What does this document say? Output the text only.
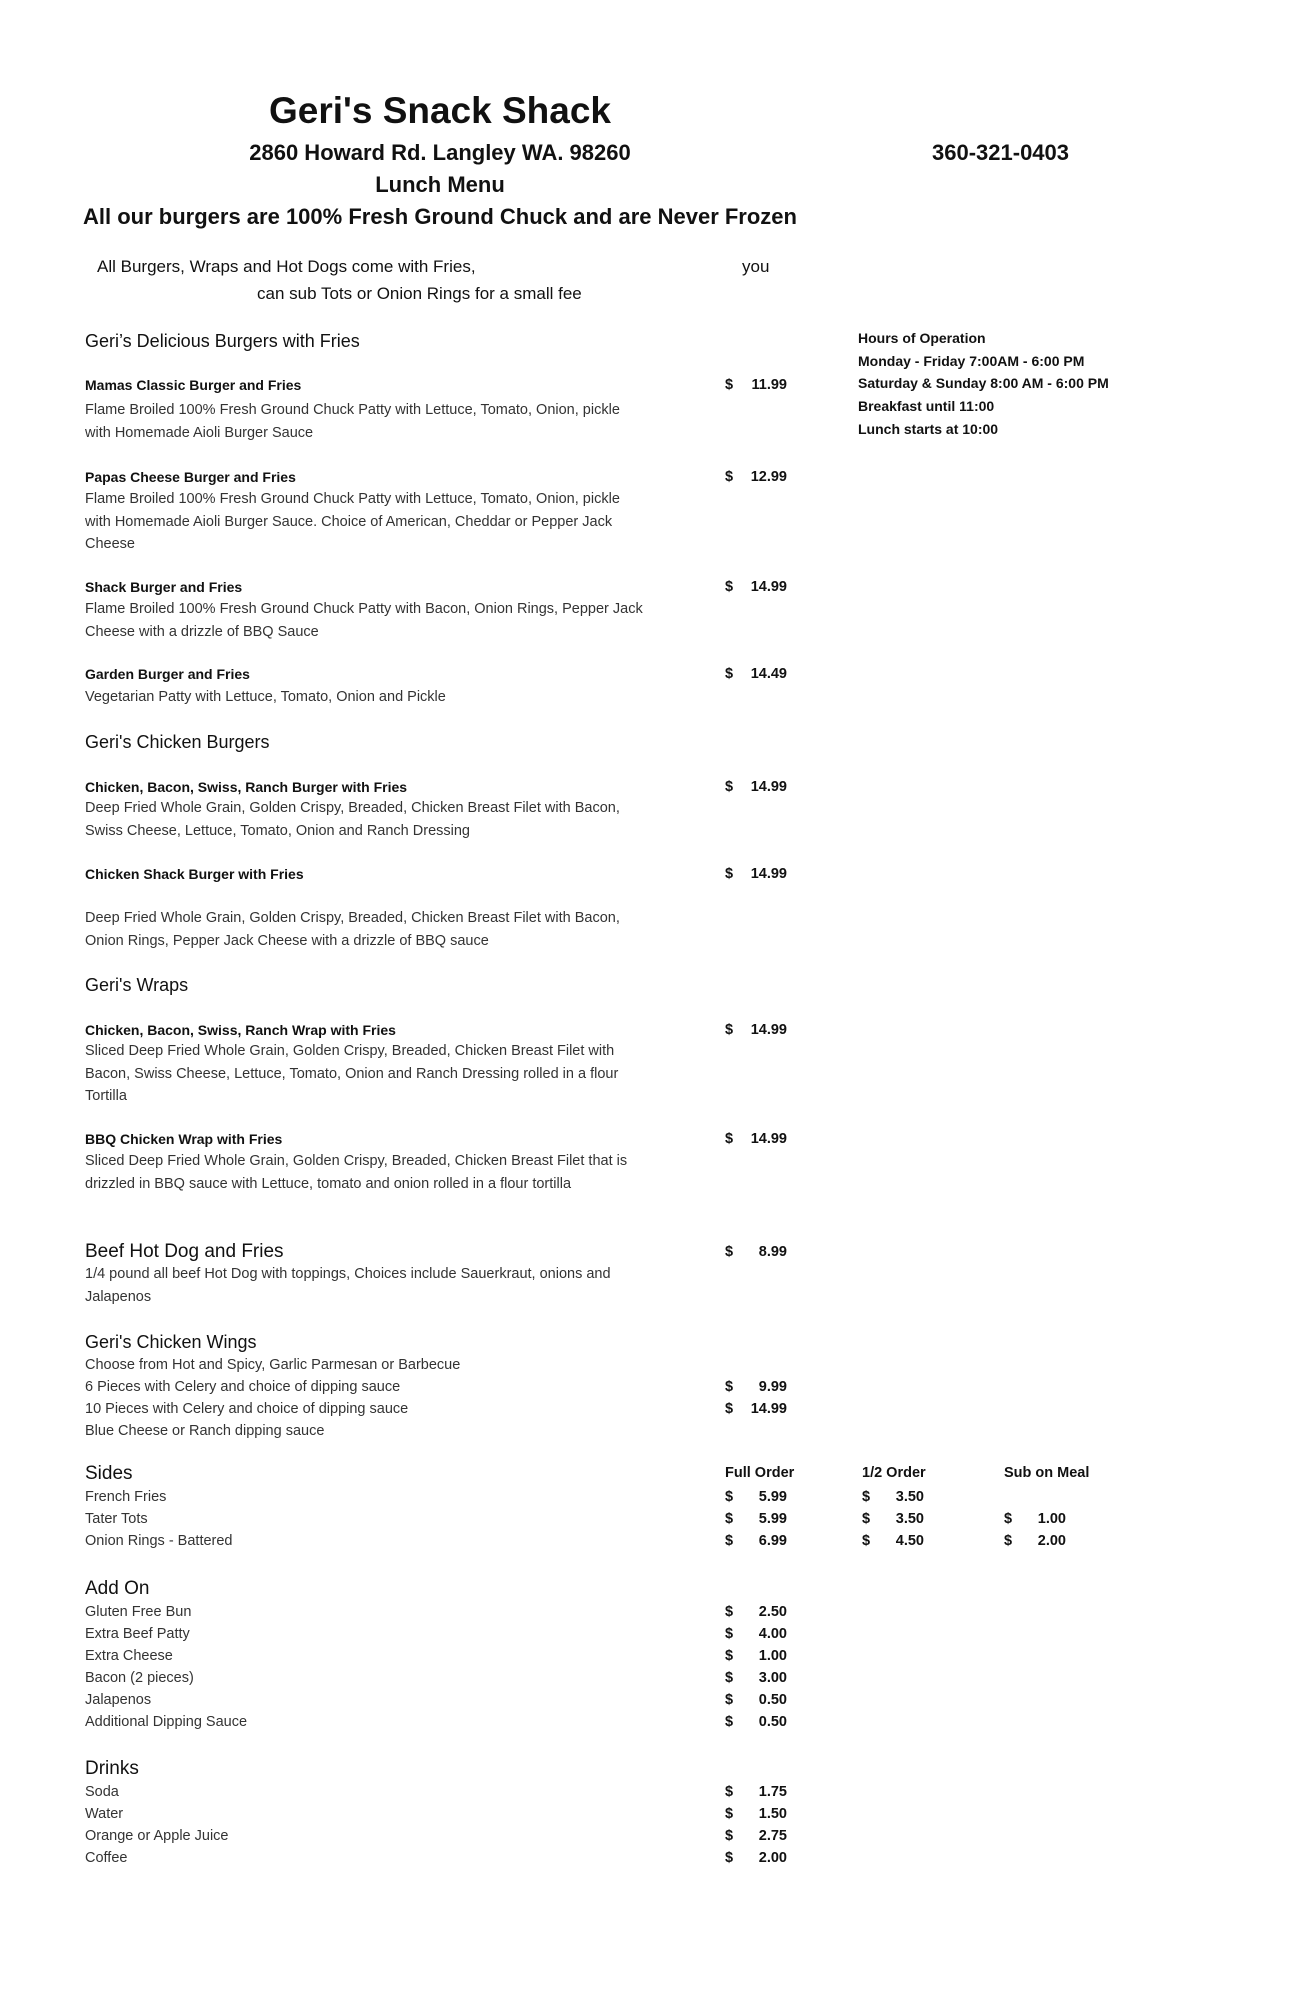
Geri's Snack Shack
2860 Howard Rd. Langley WA. 98260	360-321-0403
Lunch Menu
All our burgers are 100% Fresh Ground Chuck and are Never Frozen
All Burgers, Wraps and Hot Dogs come with Fries,	you
can sub Tots or Onion Rings for a small fee
Hours of Operation
Monday - Friday 7:00AM - 6:00 PM
Saturday & Sunday 8:00 AM - 6:00 PM
Breakfast until 11:00
Lunch starts at 10:00
Geri’s Delicious Burgers with Fries
Mamas Classic Burger and Fries	$ 11.99
Flame Broiled 100% Fresh Ground Chuck Patty with Lettuce, Tomato, Onion, pickle with Homemade Aioli Burger Sauce
Papas Cheese Burger and Fries	$ 12.99
Flame Broiled 100% Fresh Ground Chuck Patty with Lettuce, Tomato, Onion, pickle with Homemade Aioli Burger Sauce. Choice of American, Cheddar or Pepper Jack Cheese
Shack Burger and Fries	$ 14.99
Flame Broiled 100% Fresh Ground Chuck Patty with Bacon, Onion Rings, Pepper Jack Cheese with a drizzle of BBQ Sauce
Garden Burger and Fries	$ 14.49
Vegetarian Patty with Lettuce, Tomato, Onion and Pickle
Geri's Chicken Burgers
Chicken, Bacon, Swiss, Ranch Burger with Fries	$ 14.99
Deep Fried Whole Grain, Golden Crispy, Breaded, Chicken Breast Filet with Bacon, Swiss Cheese, Lettuce, Tomato, Onion and Ranch Dressing
Chicken Shack Burger with Fries	$ 14.99
Deep Fried Whole Grain, Golden Crispy, Breaded, Chicken Breast Filet with Bacon, Onion Rings, Pepper Jack Cheese with a drizzle of BBQ sauce
Geri's Wraps
Chicken, Bacon, Swiss, Ranch Wrap with Fries	$ 14.99
Sliced Deep Fried Whole Grain, Golden Crispy, Breaded, Chicken Breast Filet with Bacon, Swiss Cheese, Lettuce, Tomato, Onion and Ranch Dressing rolled in a flour Tortilla
BBQ Chicken Wrap with Fries	$ 14.99
Sliced Deep Fried Whole Grain, Golden Crispy, Breaded, Chicken Breast Filet that is drizzled in BBQ sauce with Lettuce, tomato and onion rolled in a flour tortilla
Beef Hot Dog and Fries	$ 8.99
1/4 pound all beef Hot Dog with toppings, Choices include Sauerkraut, onions and Jalapenos
Geri's Chicken Wings
Choose from Hot and Spicy, Garlic Parmesan or Barbecue
6 Pieces with Celery and choice of dipping sauce	$ 9.99
10 Pieces with Celery and choice of dipping sauce	$ 14.99
Blue Cheese or Ranch dipping sauce
Sides	Full Order	1/2 Order	Sub on Meal
French Fries	$ 5.99	$ 3.50
Tater Tots	$ 5.99	$ 3.50	$ 1.00
Onion Rings - Battered	$ 6.99	$ 4.50	$ 2.00
Add On
Gluten Free Bun	$ 2.50
Extra Beef Patty	$ 4.00
Extra Cheese	$ 1.00
Bacon (2 pieces)	$ 3.00
Jalapenos	$ 0.50
Additional Dipping Sauce	$ 0.50
Drinks
Soda	$ 1.75
Water	$ 1.50
Orange or Apple Juice	$ 2.75
Coffee	$ 2.00
